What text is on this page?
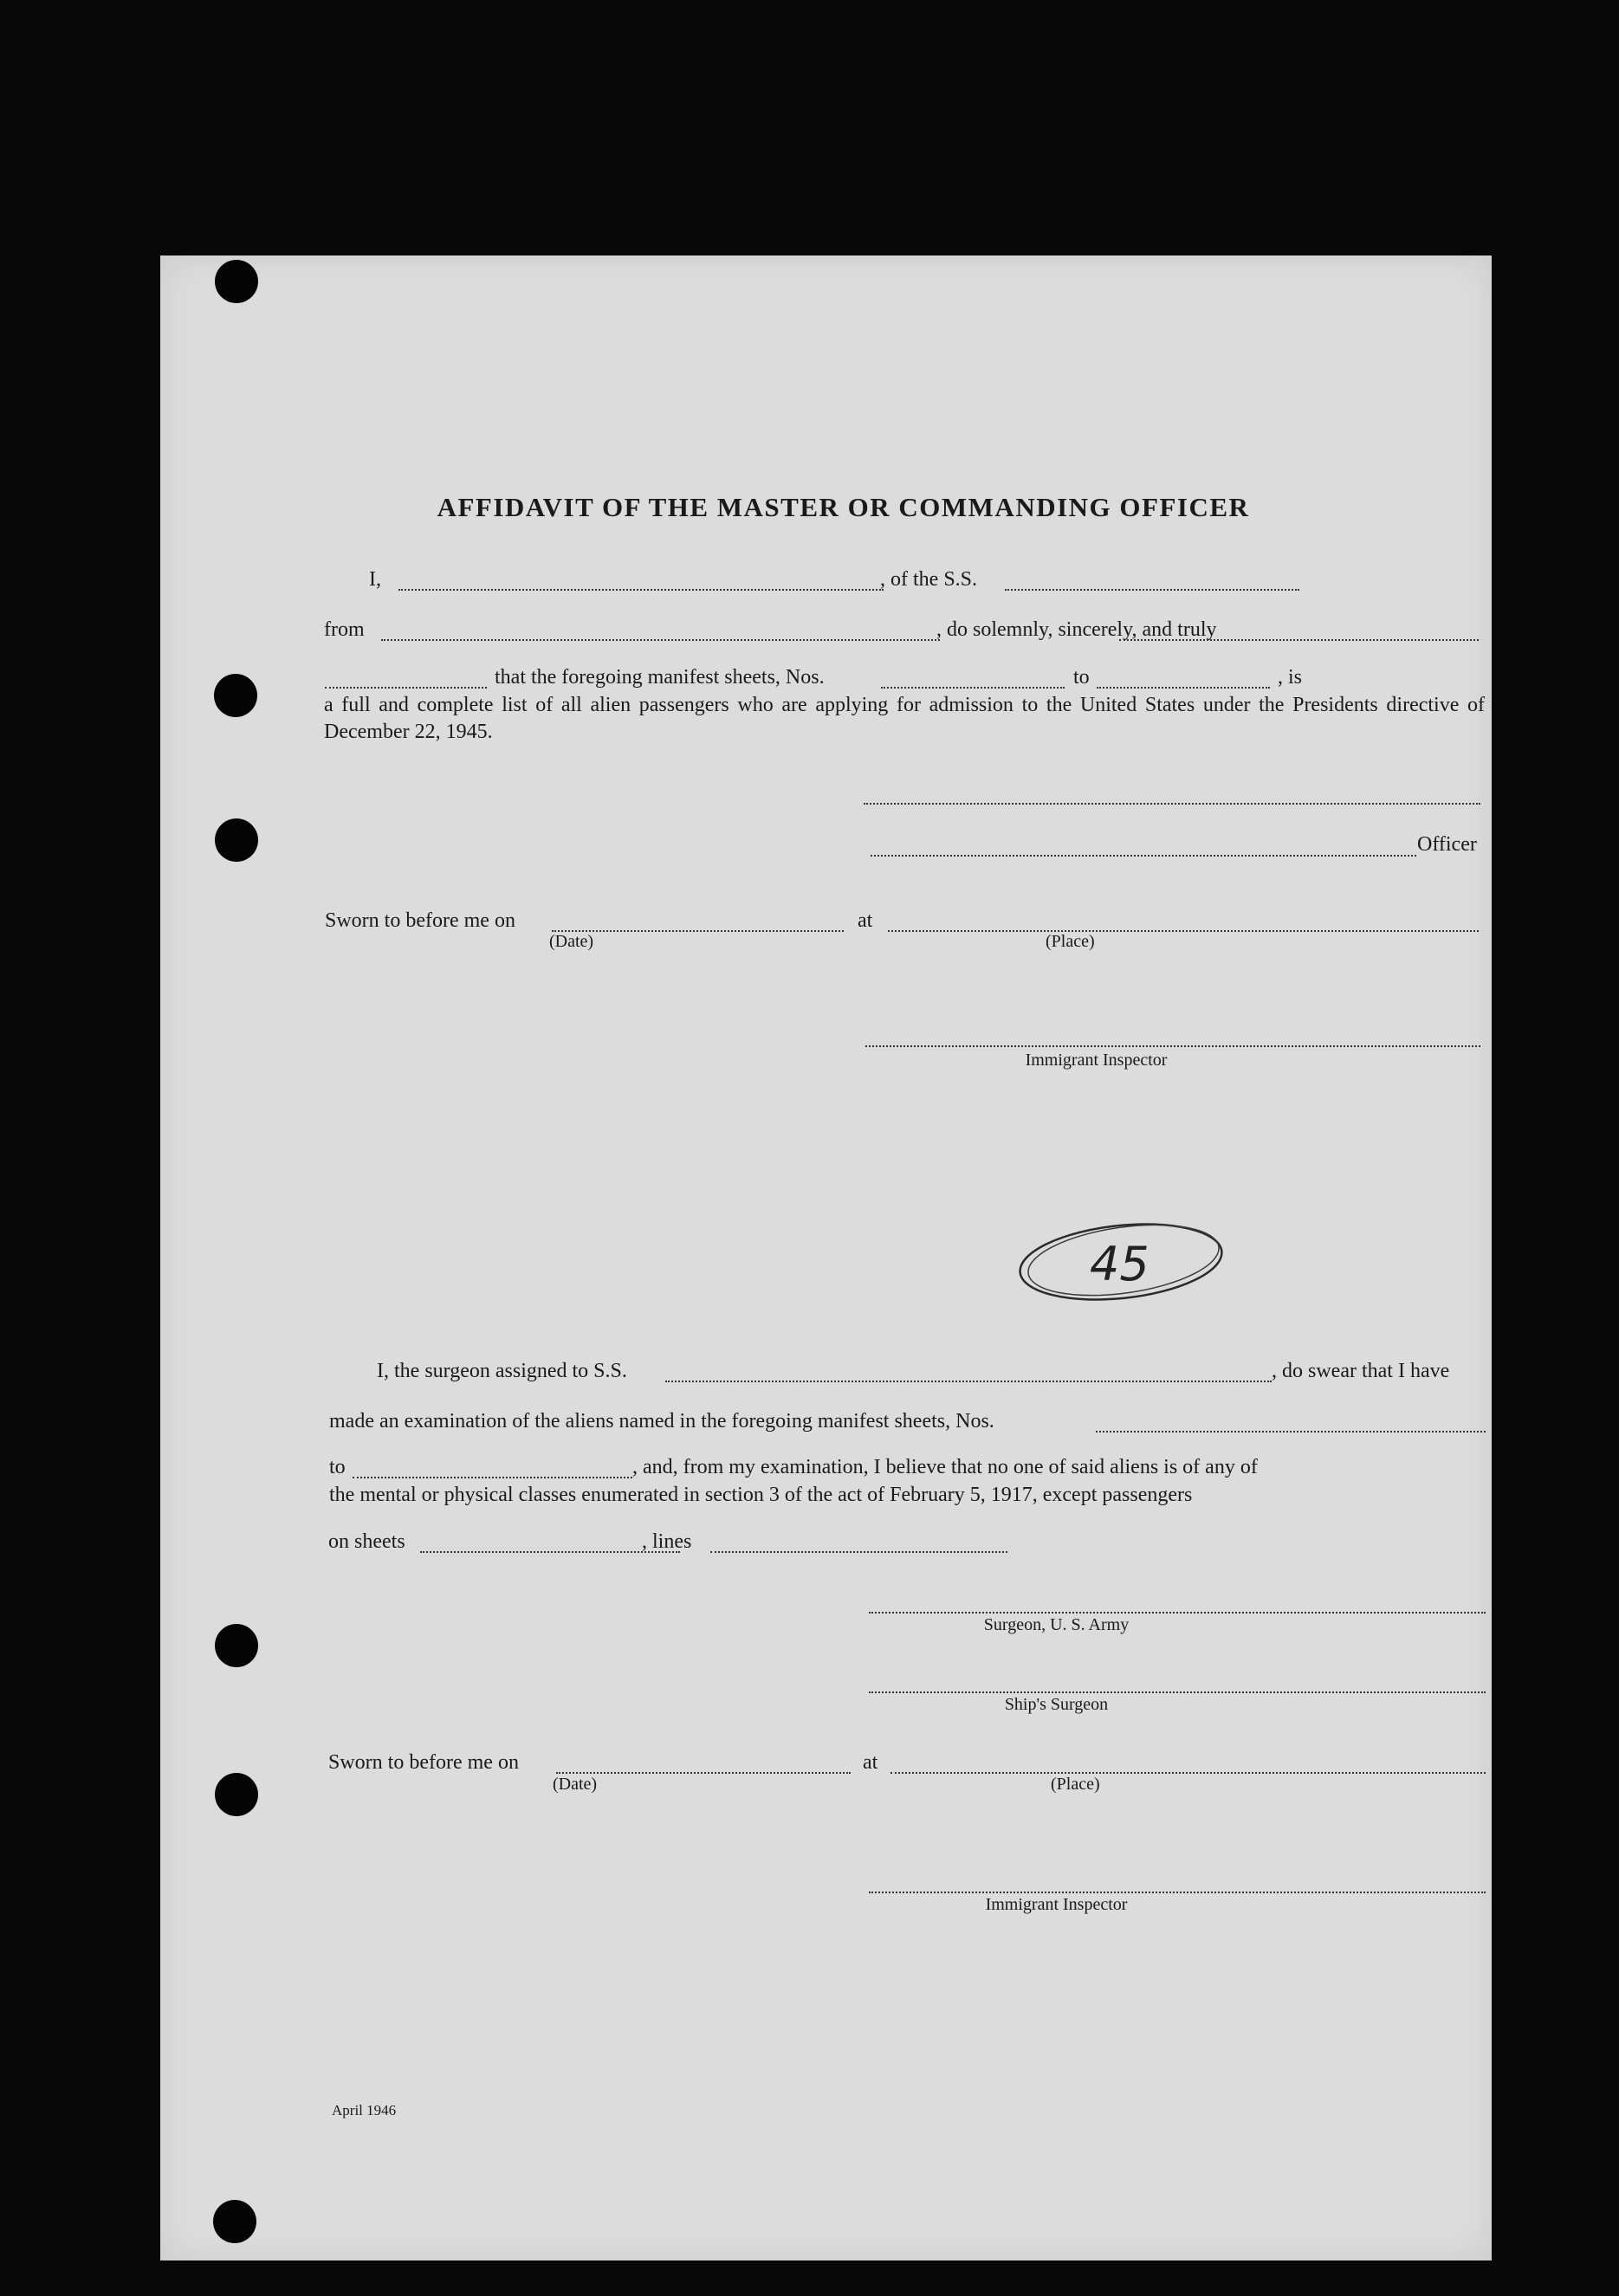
AFFIDAVIT OF THE MASTER OR COMMANDING OFFICER
I,	, of the S.S.
from	, do solemnly, sincerely, and truly
that the foregoing manifest sheets, Nos.	to	, is
a full and complete list of all alien passengers who are applying for admission to the United States under the Presidents directive of December 22, 1945.
Officer
Sworn to before me on	at
(Date)	(Place)
Immigrant Inspector
45
I, the surgeon assigned to S.S.	, do swear that I have
made an examination of the aliens named in the foregoing manifest sheets, Nos.
to	, and, from my examination, I believe that no one of said aliens is of any of
the mental or physical classes enumerated in section 3 of the act of February 5, 1917, except passengers
on sheets	, lines
Surgeon, U. S. Army
Ship's Surgeon
Sworn to before me on	at
(Date)	(Place)
Immigrant Inspector
April 1946
